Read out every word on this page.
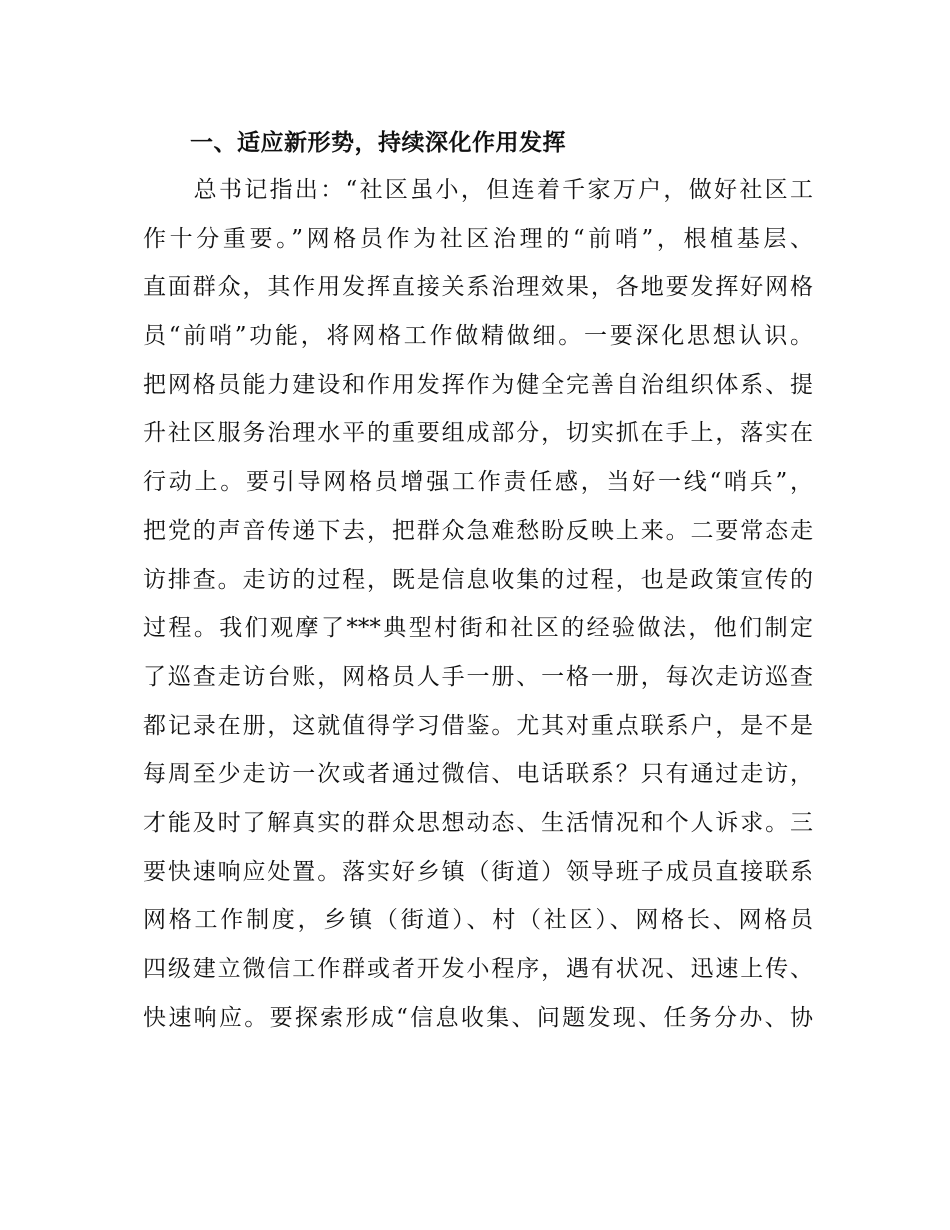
一、适应新形势，持续深化作用发挥
　　总书记指出：“社区虽小，但连着千家万户，做好社区工
作十分重要。”网格员作为社区治理的“前哨”，根植基层、
直面群众，其作用发挥直接关系治理效果，各地要发挥好网格
员“前哨”功能，将网格工作做精做细。一要深化思想认识。
把网格员能力建设和作用发挥作为健全完善自治组织体系、提
升社区服务治理水平的重要组成部分，切实抓在手上，落实在
行动上。要引导网格员增强工作责任感，当好一线“哨兵”，
把党的声音传递下去，把群众急难愁盼反映上来。二要常态走
访排查。走访的过程，既是信息收集的过程，也是政策宣传的
过程。我们观摩了***典型村街和社区的经验做法，他们制定
了巡查走访台账，网格员人手一册、一格一册，每次走访巡查
都记录在册，这就值得学习借鉴。尤其对重点联系户，是不是
每周至少走访一次或者通过微信、电话联系？只有通过走访，
才能及时了解真实的群众思想动态、生活情况和个人诉求。三
要快速响应处置。落实好乡镇（街道）领导班子成员直接联系
网格工作制度，乡镇（街道）、村（社区）、网格长、网格员
四级建立微信工作群或者开发小程序，遇有状况、迅速上传、
快速响应。要探索形成“信息收集、问题发现、任务分办、协
